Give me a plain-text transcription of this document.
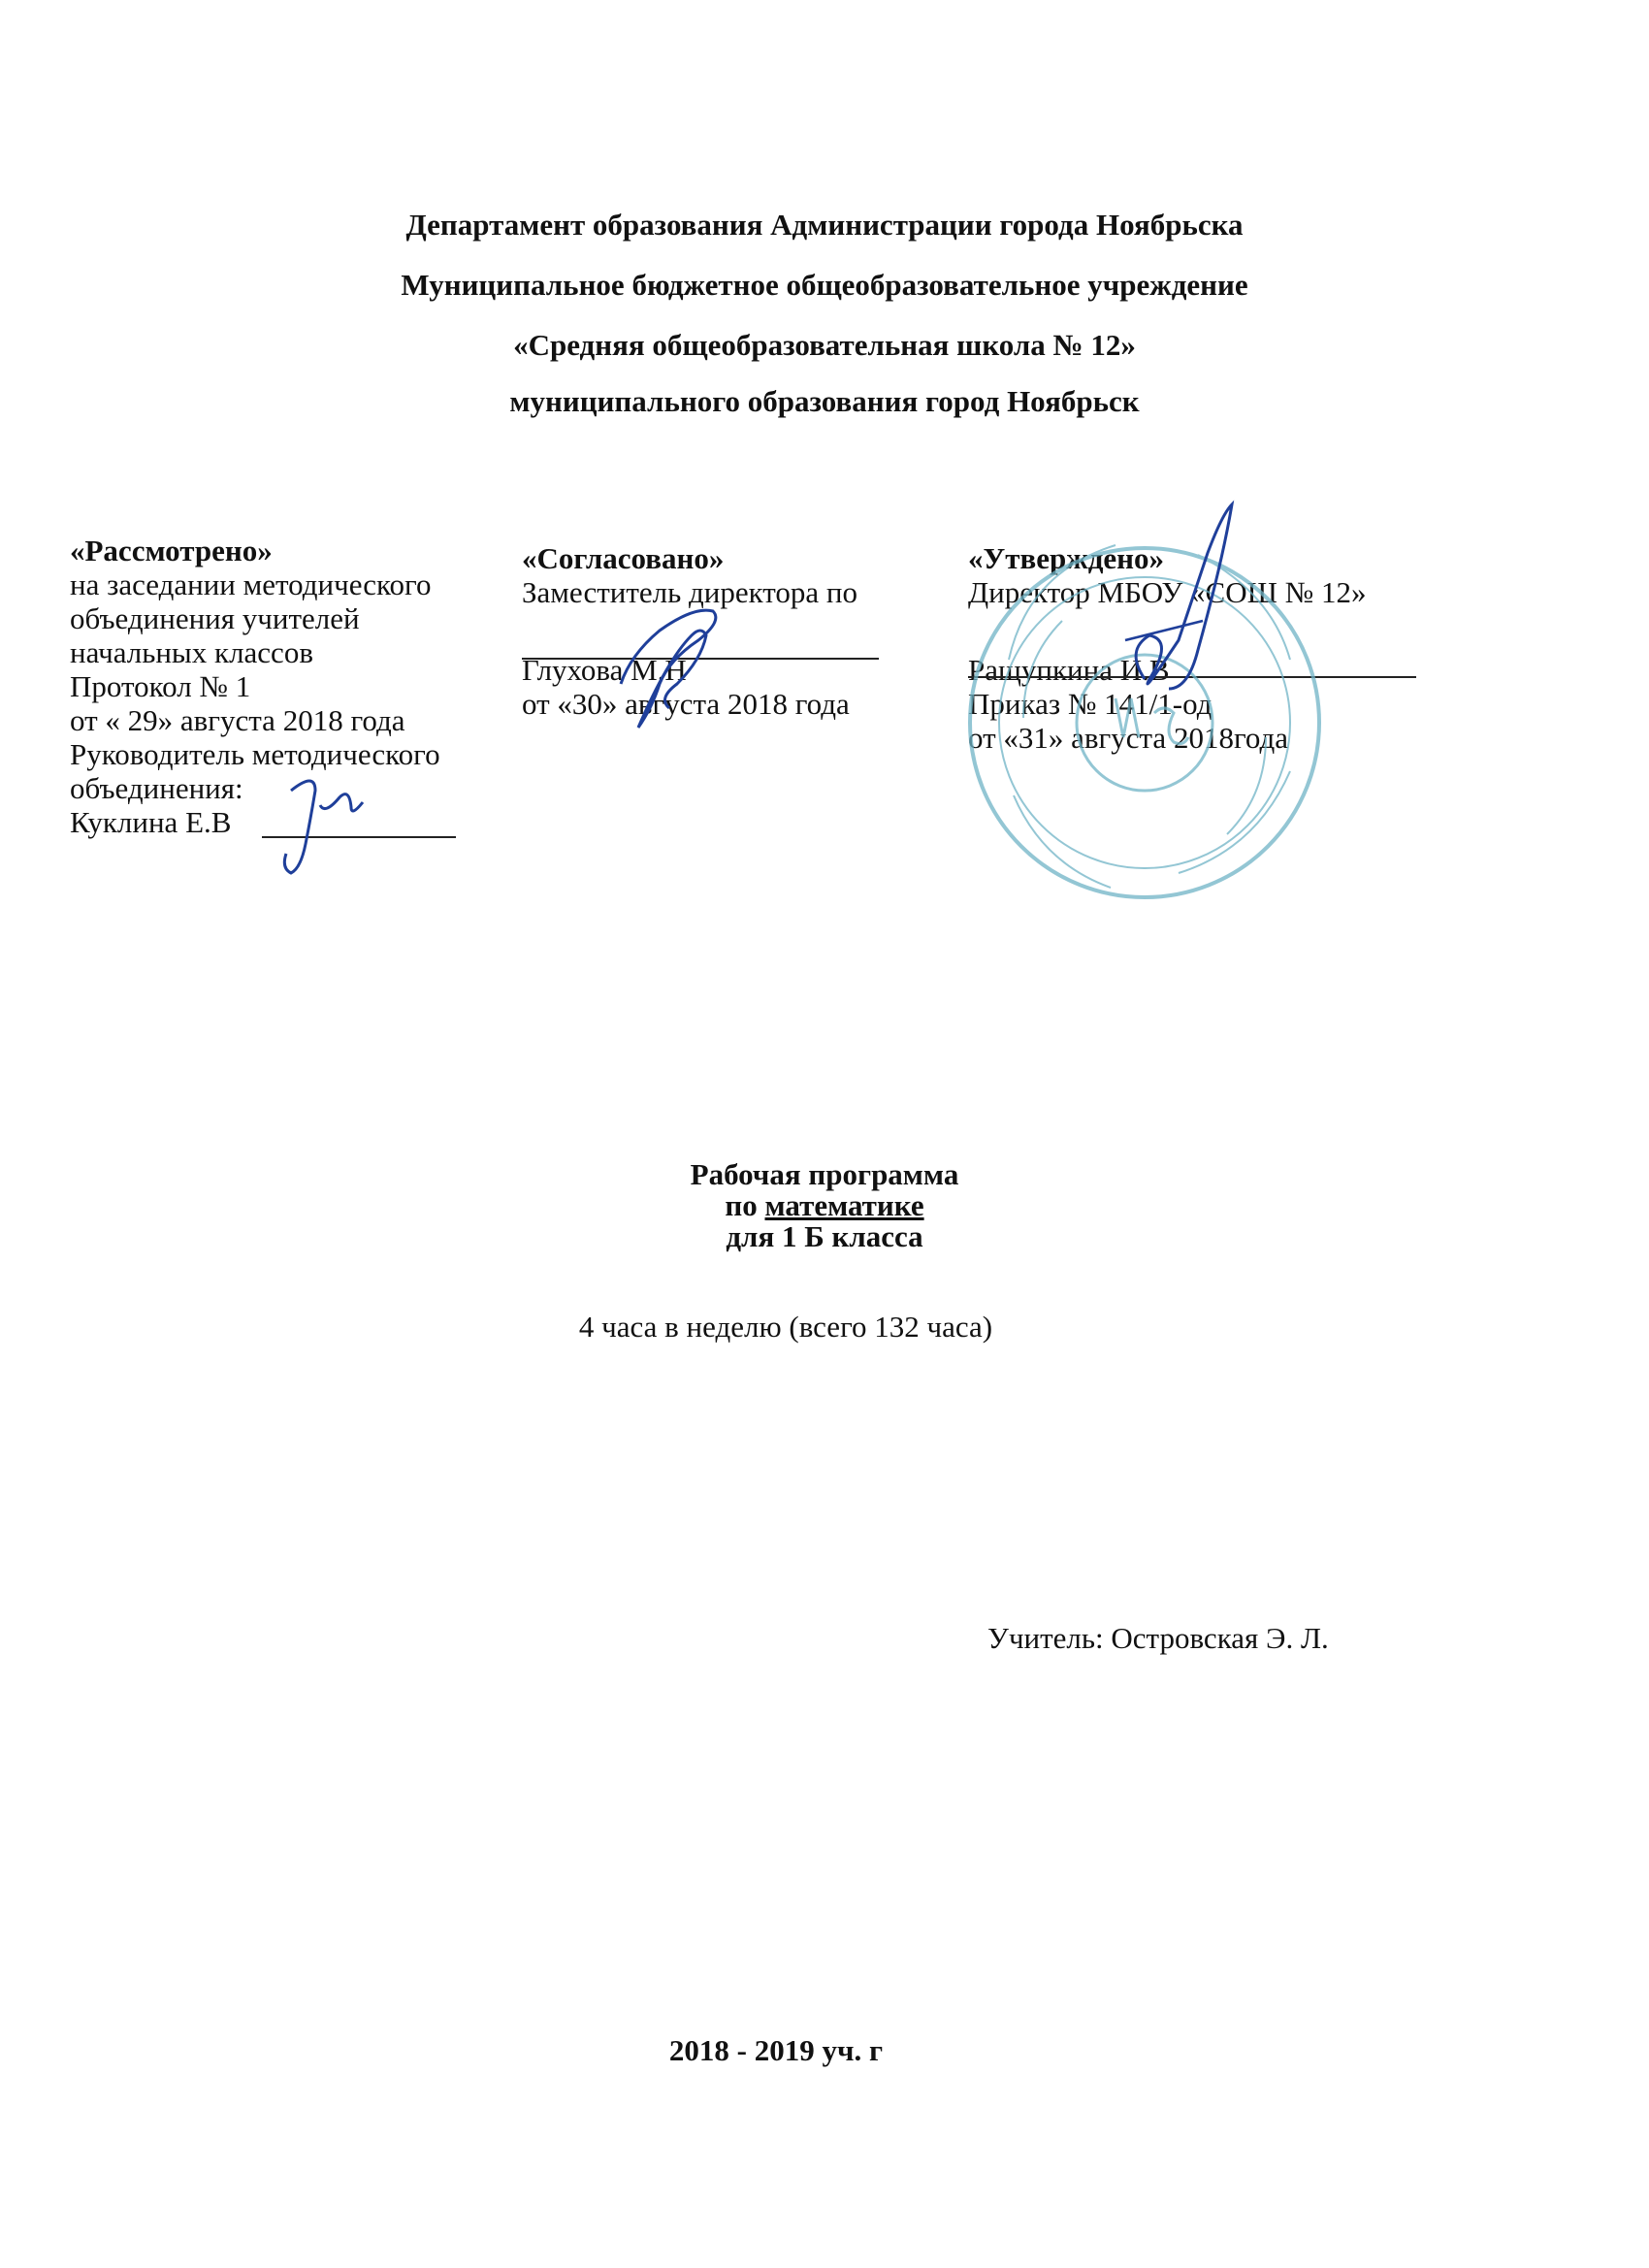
Департамент образования Администрации города Ноябрьска
Муниципальное бюджетное общеобразовательное учреждение
«Средняя общеобразовательная школа № 12»
муниципального образования город Ноябрьск
«Рассмотрено»
на заседании методического
объединения учителей
начальных классов
Протокол № 1
от « 29» августа 2018 года
Руководитель методического
объединения:
Куклина Е.В
«Согласовано»
Заместитель директора по
Глухова М.Н
от «30» августа 2018 года
«Утверждено»
Директор МБОУ «СОШ № 12»
Ращупкина И.В
Приказ № 141/1-од
от «31» августа 2018года
Рабочая программа
по математике
для 1 Б класса
4 часа в неделю (всего 132 часа)
Учитель: Островская Э. Л.
2018 - 2019 уч. г
